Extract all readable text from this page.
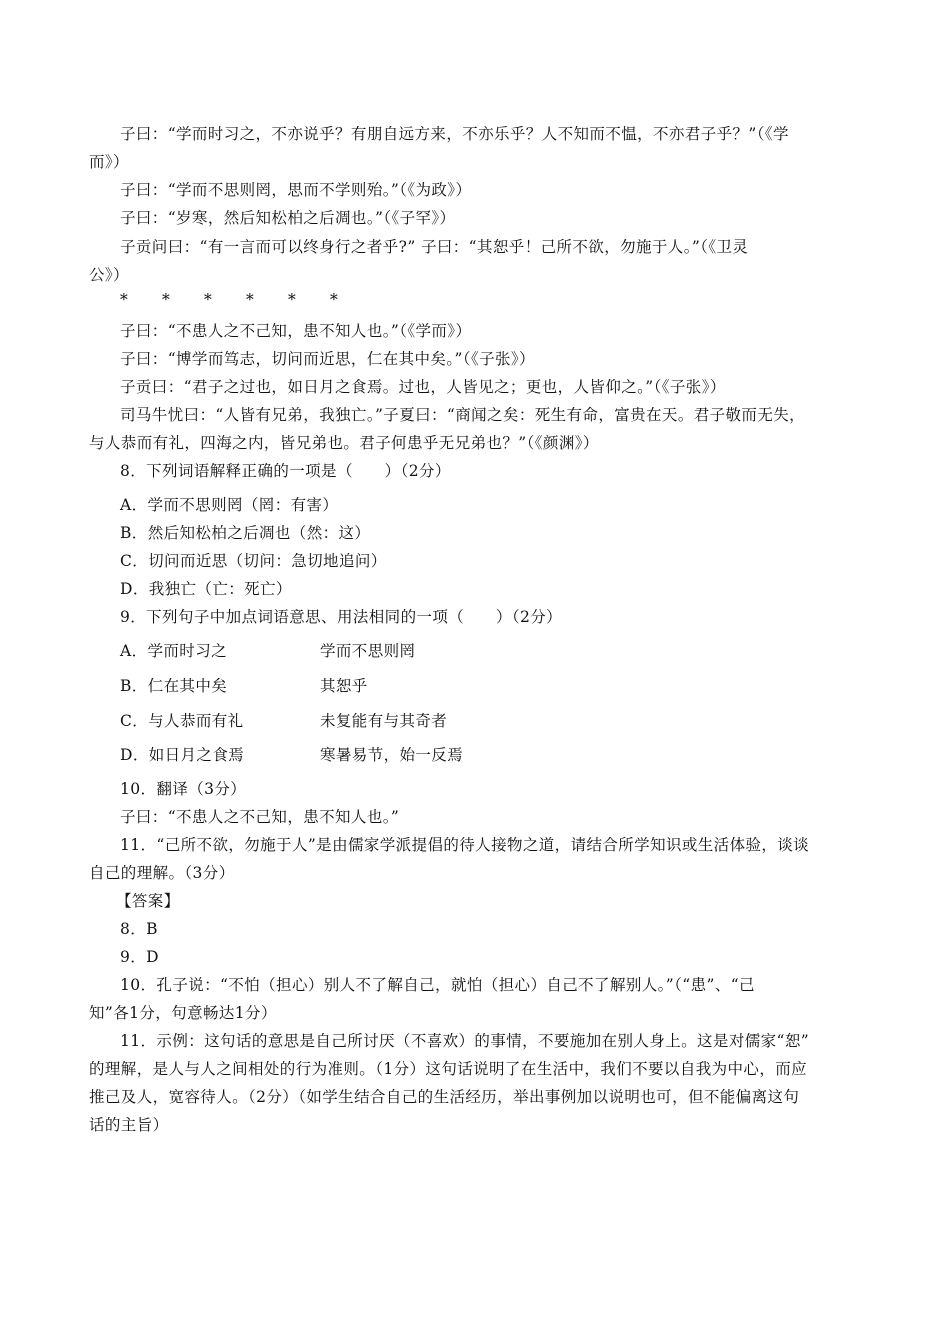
子曰：“学而时习之，不亦说乎？有朋自远方来，不亦乐乎？人不知而不愠，不亦君子乎？”（《学
而》）
子曰：“学而不思则罔，思而不学则殆。”（《为政》）
子曰：“岁寒，然后知松柏之后凋也。”（《子罕》）
子贡问曰：“有一言而可以终身行之者乎?” 子曰：“其恕乎！己所不欲，勿施于人。”（《卫灵
公》）
* * * * * *
子曰：“不患人之不己知，患不知人也。”（《学而》）
子曰：“博学而笃志，切问而近思，仁在其中矣。”（《子张》）
子贡曰：“君子之过也，如日月之食焉。过也，人皆见之；更也，人皆仰之。”（《子张》）
司马牛忧曰：“人皆有兄弟，我独亡。”子夏曰：“商闻之矣：死生有命，富贵在天。君子敬而无失，
与人恭而有礼，四海之内，皆兄弟也。君子何患乎无兄弟也？”（《颜渊》）
8．下列词语解释正确的一项是（　　）（2分）
A．学而不思则罔（罔：有害）
B．然后知松柏之后凋也（然：这）
C．切问而近思（切问：急切地追问）
D．我独亡（亡：死亡）
9．下列句子中加点词语意思、用法相同的一项（　　）（2分）
A．学而时习之	学而不思则罔
B．仁在其中矣	其恕乎
C．与人恭而有礼	未复能有与其奇者
D．如日月之食焉	寒暑易节，始一反焉
10．翻译（3分）
子曰：“不患人之不己知，患不知人也。”
11．“己所不欲，勿施于人”是由儒家学派提倡的待人接物之道，请结合所学知识或生活体验，谈谈
自己的理解。（3分）
【答案】
8．B
9．D
10．孔子说：“不怕（担心）别人不了解自己，就怕（担心）自己不了解别人。”（“患”、“己
知”各1分，句意畅达1分）
11．示例：这句话的意思是自己所讨厌（不喜欢）的事情，不要施加在别人身上。这是对儒家“恕”
的理解，是人与人之间相处的行为准则。（1分）这句话说明了在生活中，我们不要以自我为中心，而应
推己及人，宽容待人。（2分）（如学生结合自己的生活经历，举出事例加以说明也可，但不能偏离这句
话的主旨）
